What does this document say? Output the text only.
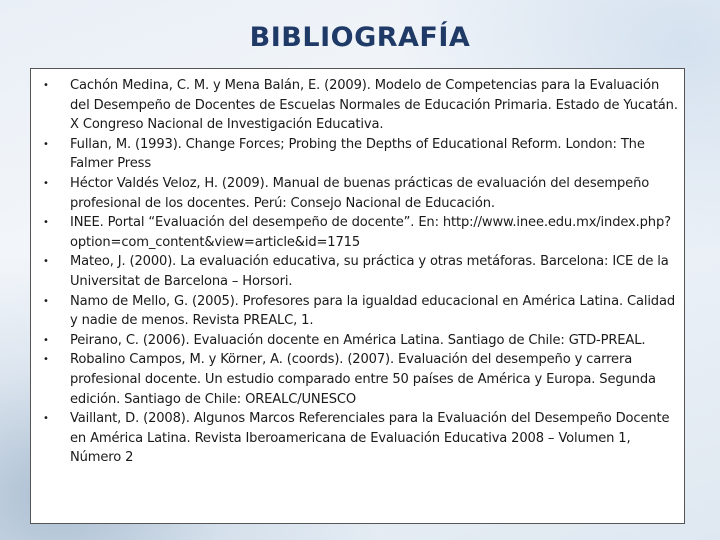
BIBLIOGRAFÍA
• Cachón Medina, C. M. y Mena Balán, E. (2009). Modelo de Competencias para la Evaluación del Desempeño de Docentes de Escuelas Normales de Educación Primaria. Estado de Yucatán. X Congreso Nacional de Investigación Educativa.
• Fullan, M. (1993). Change Forces; Probing the Depths of Educational Reform. London: The Falmer Press
• Héctor Valdés Veloz, H. (2009). Manual de buenas prácticas de evaluación del desempeño profesional de los docentes. Perú: Consejo Nacional de Educación.
• INEE. Portal “Evaluación del desempeño de docente”. En: http://www.inee.edu.mx/index.php?option=com_content&view=article&id=1715
• Mateo, J. (2000). La evaluación educativa, su práctica y otras metáforas. Barcelona: ICE de la Universitat de Barcelona – Horsori.
• Namo de Mello, G. (2005). Profesores para la igualdad educacional en América Latina. Calidad y nadie de menos. Revista PREALC, 1.
• Peirano, C. (2006). Evaluación docente en América Latina. Santiago de Chile: GTD-PREAL.
• Robalino Campos, M. y Körner, A. (coords). (2007). Evaluación del desempeño y carrera profesional docente. Un estudio comparado entre 50 países de América y Europa. Segunda edición. Santiago de Chile: OREALC/UNESCO
• Vaillant, D. (2008). Algunos Marcos Referenciales para la Evaluación del Desempeño Docente en América Latina. Revista Iberoamericana de Evaluación Educativa 2008 – Volumen 1, Número 2
